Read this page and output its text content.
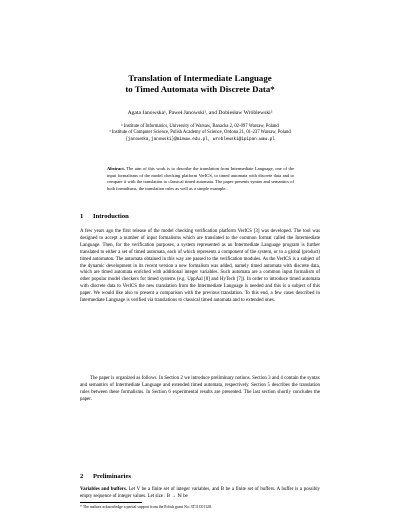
Translation of Intermediate Language
to Timed Automata with Discrete Data*
Agata Janowska¹, Paweł Janowski¹, and Dobiesław Wróblewski²
¹ Institute of Informatics, University of Warsaw, Banacha 2, 02-097 Warsaw, Poland
² Institute of Computer Science, Polish Academy of Science, Ordona 21, 01-237 Warsaw, Poland
{janowska,janowski}@mimuw.edu.pl, wroblewski@ipipan.waw.pl
Abstract. The aim of this work is to describe the translation from Intermediate Language, one of the input formalisms of the model checking platform VerICS, to timed automata with discrete data and to compare it with the translation to classical timed automata. The paper presents syntax and semantics of both formalisms, the translation rules as well as a simple example.
1 Introduction
A few years ago the first release of the model checking verification platform VerICS [3] was developed. The tool was designed to accept a number of input formalisms which are translated to the common format called the Intermediate Language. Then, for the verification purposes, a system represented as an Intermediate Language program is further translated to either a set of timed automata, each of which represents a component of the system, or to a global (product) timed automaton. The automata obtained in this way are passed to the verification modules. As the VerICS is a subject of the dynamic development in its recent version a new formalism was added, namely timed automata with discrete data, which are timed automata enriched with additional integer variables. Such automata are a common input formalism of other popular model checkers for timed systems (e.g. UppAal [8] and HyTech [7]). In order to introduce timed automata with discrete data to VerICS the new translation from the Intermediate Language is needed and this is a subject of this paper. We would like also to present a comparison with the previous translation. To this end, a few cases described in Intermediate Language is verified via translations to classical timed automata and to extended ones.
The paper is organized as follows. In Section 2 we introduce preliminary notions. Section 3 and 4 contain the syntax and semantics of Intermediate Language and extended timed automata, respectively. Section 5 describes the translation rules between these formalisms. In Section 6 experimental results are presented. The last section shortly concludes the paper.
2 Preliminaries
Variables and buffers. Let V be a finite set of integer variables, and B be a finite set of buffers. A buffer is a possibly empty sequence of integer values. Let size : B → ℕ be
* The authors acknowledge a partial support from the Polish grant No. 3T11C01128.
